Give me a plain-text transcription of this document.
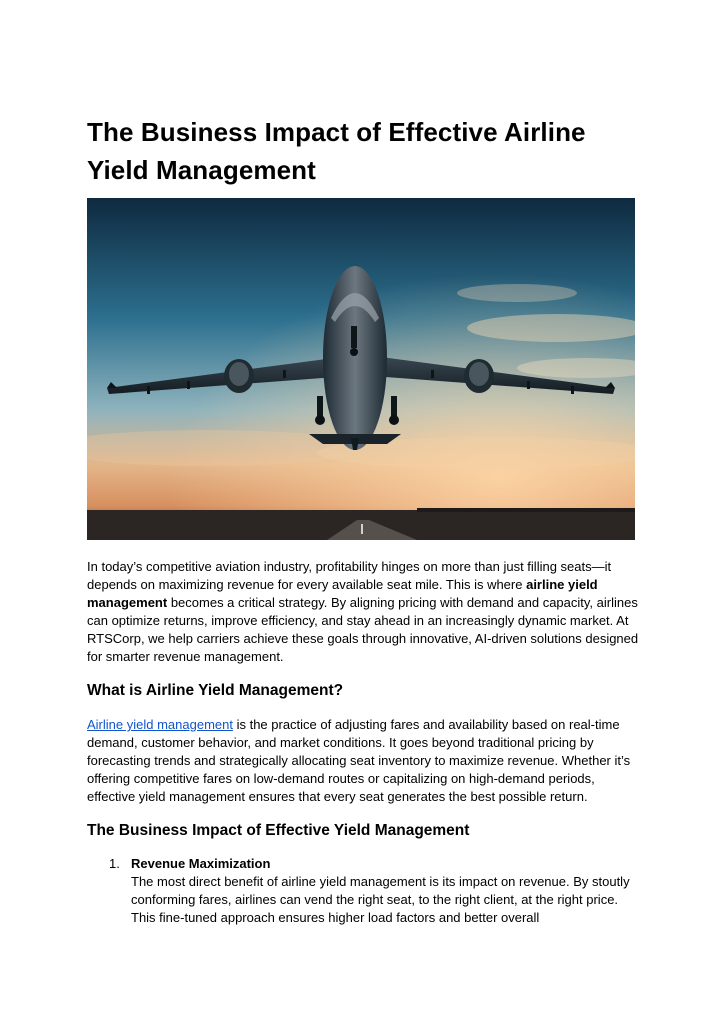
The Business Impact of Effective Airline Yield Management

In today’s competitive aviation industry, profitability hinges on more than just filling seats—it depends on maximizing revenue for every available seat mile. This is where airline yield management becomes a critical strategy. By aligning pricing with demand and capacity, airlines can optimize returns, improve efficiency, and stay ahead in an increasingly dynamic market. At RTSCorp, we help carriers achieve these goals through innovative, AI-driven solutions designed for smarter revenue management.

What is Airline Yield Management?

Airline yield management is the practice of adjusting fares and availability based on real-time demand, customer behavior, and market conditions. It goes beyond traditional pricing by forecasting trends and strategically allocating seat inventory to maximize revenue. Whether it’s offering competitive fares on low-demand routes or capitalizing on high-demand periods, effective yield management ensures that every seat generates the best possible return.

The Business Impact of Effective Yield Management
1. Revenue Maximization
The most direct benefit of airline yield management is its impact on revenue. By stoutly conforming fares, airlines can vend the right seat, to the right client, at the right price. This fine-tuned approach ensures higher load factors and better overall
